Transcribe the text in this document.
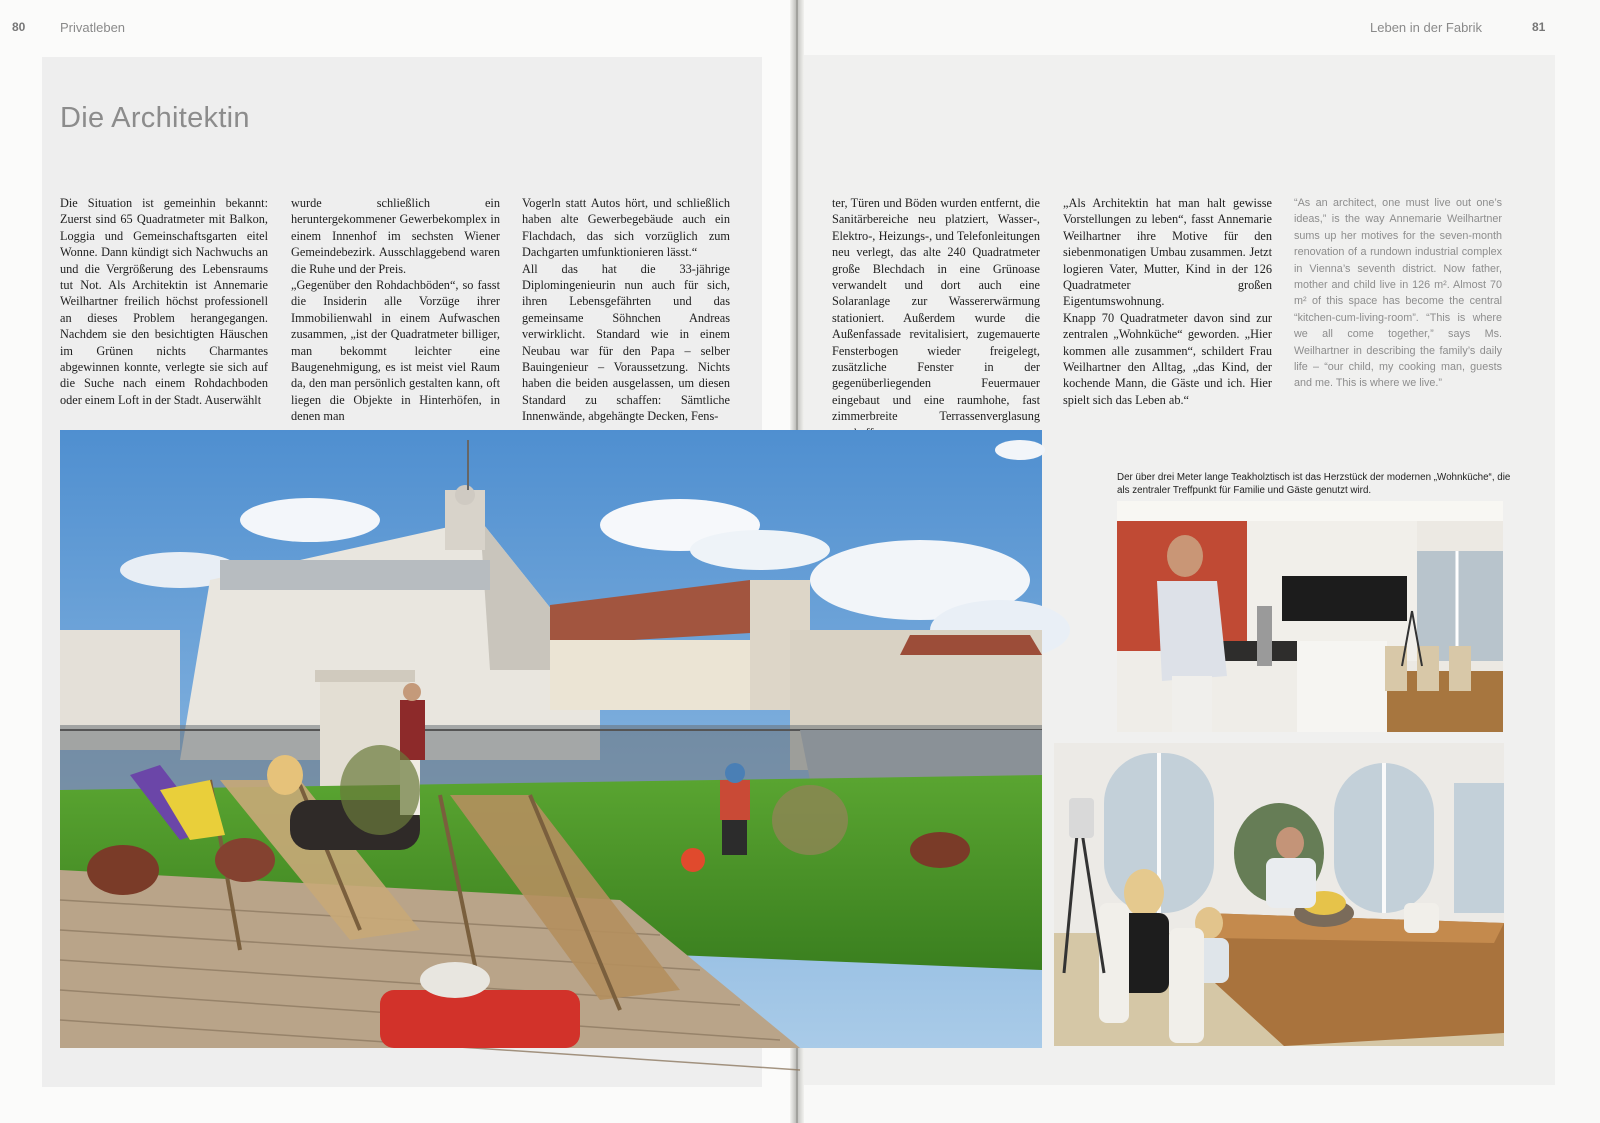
80	Privatleben	Leben in der Fabrik	81
Die Architektin

Die Situation ist gemeinhin bekannt: Zuerst sind 65 Quadratmeter mit Balkon, Loggia und Gemeinschaftsgarten eitel Wonne. Dann kündigt sich Nachwuchs an und die Vergrößerung des Lebensraums tut Not. Als Architektin ist Annemarie Weilhartner freilich höchst professionell an dieses Problem herangegangen. Nachdem sie den besichtigten Häuschen im Grünen nichts Charmantes abgewinnen konnte, verlegte sie sich auf die Suche nach einem Rohdachboden oder einem Loft in der Stadt. Auserwählt

wurde schließlich ein heruntergekommener Gewerbekomplex in einem Innenhof im sechsten Wiener Gemeindebezirk. Ausschlaggebend waren die Ruhe und der Preis.
„Gegenüber den Rohdachböden“, so fasst die Insiderin alle Vorzüge ihrer Immobilienwahl in einem Aufwaschen zusammen, „ist der Quadratmeter billiger, man bekommt leichter eine Baugenehmigung, es ist meist viel Raum da, den man persönlich gestalten kann, oft liegen die Objekte in Hinterhöfen, in denen man

Vogerln statt Autos hört, und schließlich haben alte Gewerbegebäude auch ein Flachdach, das sich vorzüglich zum Dachgarten umfunktionieren lässt.“
All das hat die 33-jährige Diplomingenieurin nun auch für sich, ihren Lebensgefährten und das gemeinsame Söhnchen Andreas verwirklicht. Standard wie in einem Neubau war für den Papa – selber Bauingenieur – Voraussetzung. Nichts haben die beiden ausgelassen, um diesen Standard zu schaffen: Sämtliche Innenwände, abgehängte Decken, Fens-

ter, Türen und Böden wurden entfernt, die Sanitärbereiche neu platziert, Wasser-, Elektro-, Heizungs-, und Telefonleitungen neu verlegt, das alte 240 Quadratmeter große Blechdach in eine Grünoase verwandelt und dort auch eine Solaranlage zur Wassererwärmung stationiert. Außerdem wurde die Außenfassade revitalisiert, zugemauerte Fensterbogen wieder freigelegt, zusätzliche Fenster in der gegenüberliegenden Feuermauer eingebaut und eine raumhohe, fast zimmerbreite Terrassenverglasung

„Als Architektin hat man halt gewisse Vorstellungen zu leben“, fasst Annemarie Weilhartner ihre Motive für den siebenmonatigen Umbau zusammen. Jetzt logieren Vater, Mutter, Kind in der 126 Quadratmeter großen Eigentumswohnung.
Knapp 70 Quadratmeter davon sind zur zentralen „Wohnküche“ geworden. „Hier kommen alle zusammen“, schildert Frau Weilhartner den Alltag, „das Kind, der kochende Mann, die Gäste und ich. Hier spielt sich das Leben ab.“

“As an architect, one must live out one’s ideas,” is the way Annemarie Weilhartner sums up her motives for the seven-month renovation of a rundown industrial complex in Vienna’s seventh district. Now father, mother and child live in 126 m². Almost 70 m² of this space has become the central “kitchen-cum-living-room”. “This is where we all come together,” says Ms. Weilhartner in describing the family’s daily life – “our child, my cooking man, guests and me. This is where we live.”

Der über drei Meter lange Teakholztisch ist das Herzstück der modernen „Wohnküche“, die als zentraler Treffpunkt für Familie und Gäste genutzt wird.
